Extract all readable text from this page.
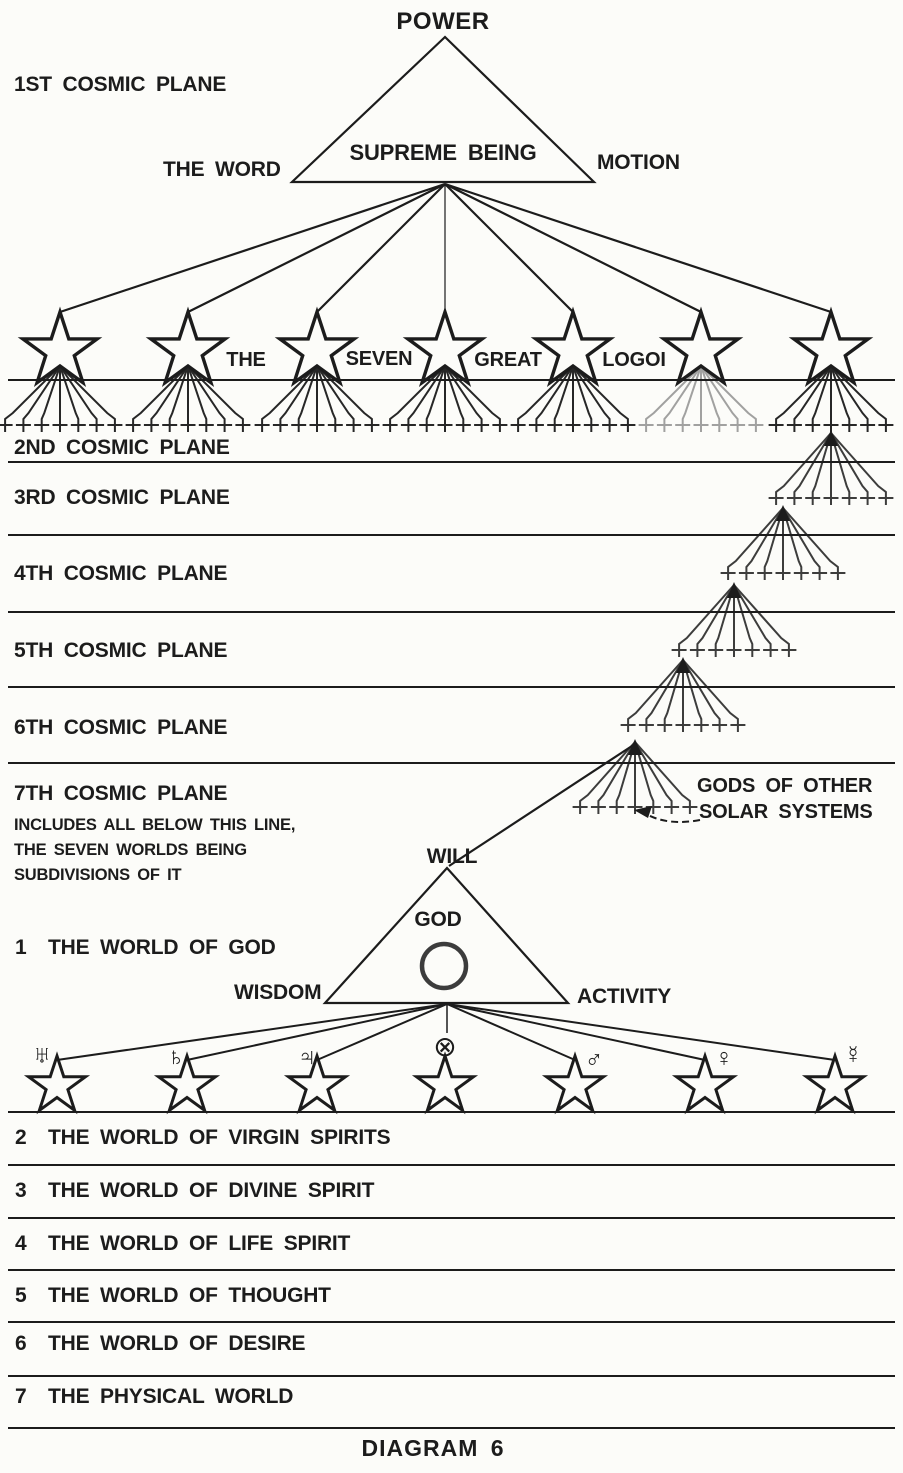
POWER
1ST COSMIC PLANE
THE WORD
SUPREME BEING	MOTION
THE	SEVEN	GREAT	LOGOI
2ND COSMIC PLANE
3RD COSMIC PLANE
4TH COSMIC PLANE
5TH COSMIC PLANE
6TH COSMIC PLANE
7TH COSMIC PLANE
INCLUDES ALL BELOW THIS LINE,
THE SEVEN WORLDS BEING
SUBDIVISIONS OF IT
GODS OF OTHER
SOLAR SYSTEMS
WILL
GOD
WISDOM	ACTIVITY
1 THE WORLD OF GOD
2 THE WORLD OF VIRGIN SPIRITS
3 THE WORLD OF DIVINE SPIRIT
4 THE WORLD OF LIFE SPIRIT
5 THE WORLD OF THOUGHT
6 THE WORLD OF DESIRE
7 THE PHYSICAL WORLD
♅	♄	♃	⊗	♂	♀	☿
DIAGRAM 6
